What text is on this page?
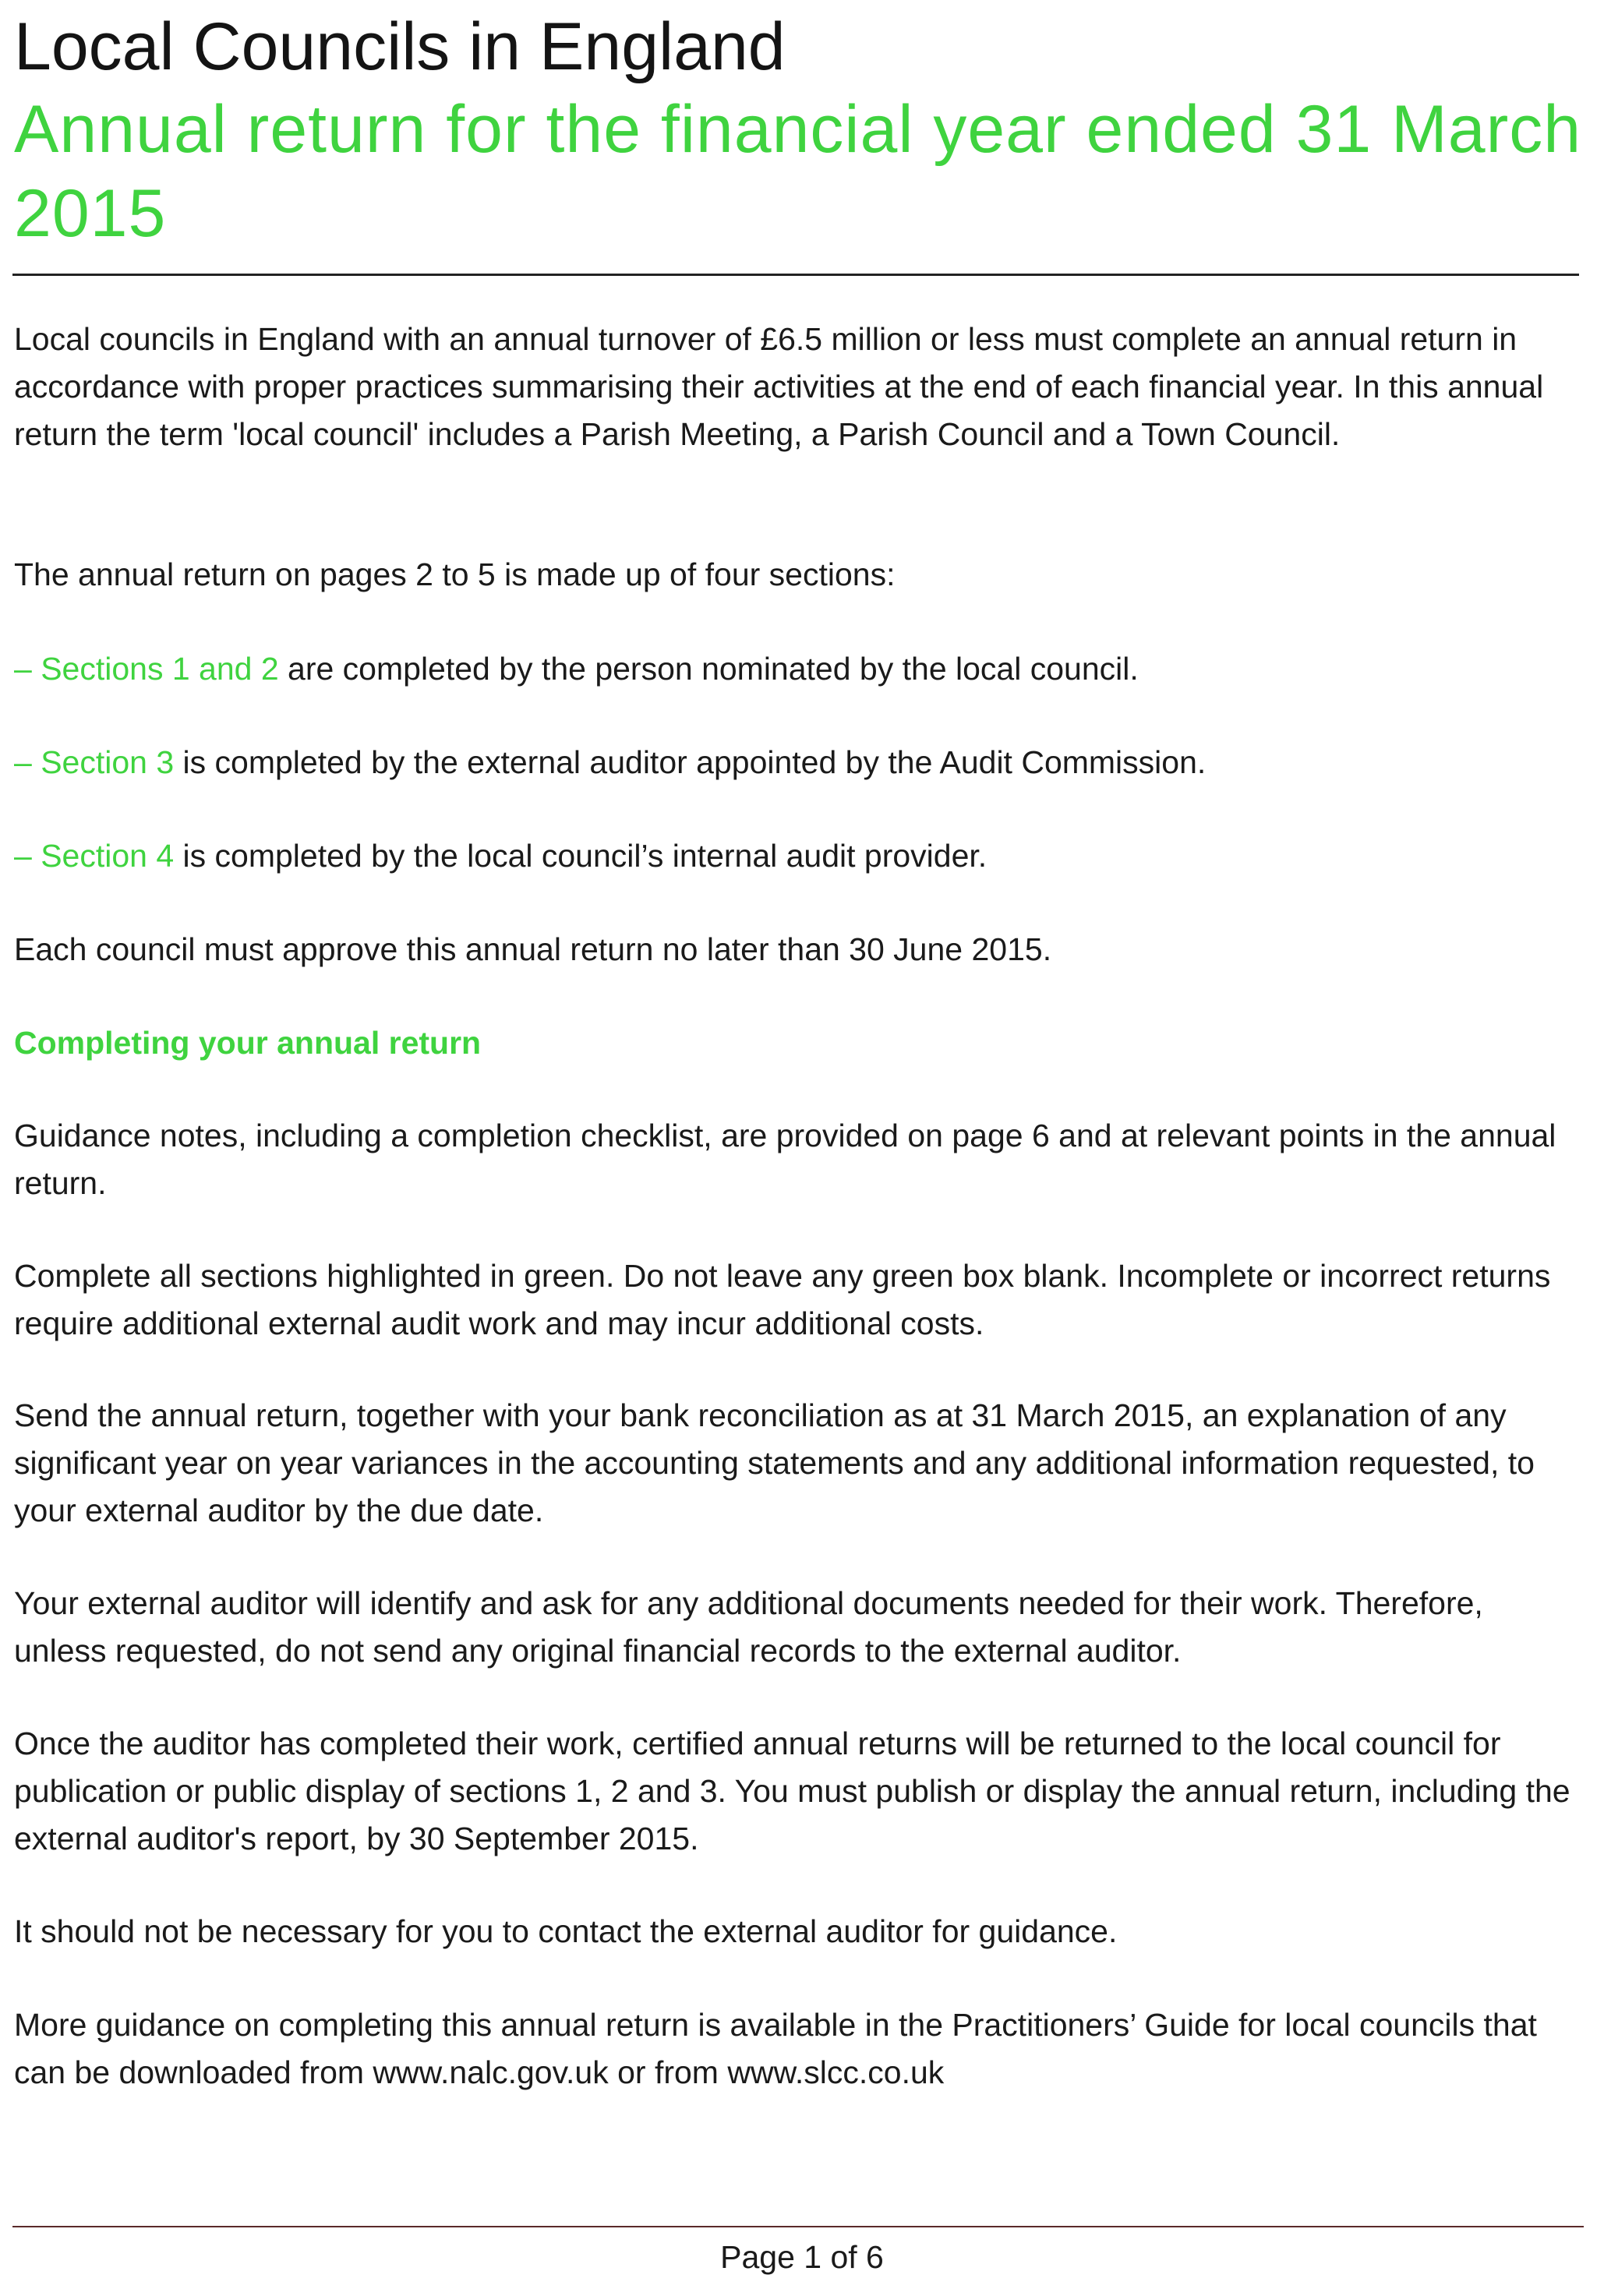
Local Councils in England
Annual return for the financial year ended 31 March 2015

Local councils in England with an annual turnover of £6.5 million or less must complete an annual return in accordance with proper practices summarising their activities at the end of each financial year. In this annual return the term 'local council' includes a Parish Meeting, a Parish Council and a Town Council.

The annual return on pages 2 to 5 is made up of four sections:

– Sections 1 and 2 are completed by the person nominated by the local council.

– Section 3 is completed by the external auditor appointed by the Audit Commission.

– Section 4 is completed by the local council’s internal audit provider.

Each council must approve this annual return no later than 30 June 2015.

Completing your annual return

Guidance notes, including a completion checklist, are provided on page 6 and at relevant points in the annual return.

Complete all sections highlighted in green. Do not leave any green box blank. Incomplete or incorrect returns require additional external audit work and may incur additional costs.

Send the annual return, together with your bank reconciliation as at 31 March 2015, an explanation of any significant year on year variances in the accounting statements and any additional information requested, to your external auditor by the due date.

Your external auditor will identify and ask for any additional documents needed for their work. Therefore, unless requested, do not send any original financial records to the external auditor.

Once the auditor has completed their work, certified annual returns will be returned to the local council for publication or public display of sections 1, 2 and 3. You must publish or display the annual return, including the external auditor's report, by 30 September 2015.

It should not be necessary for you to contact the external auditor for guidance.

More guidance on completing this annual return is available in the Practitioners’ Guide for local councils that can be downloaded from www.nalc.gov.uk or from www.slcc.co.uk

Page 1 of 6
